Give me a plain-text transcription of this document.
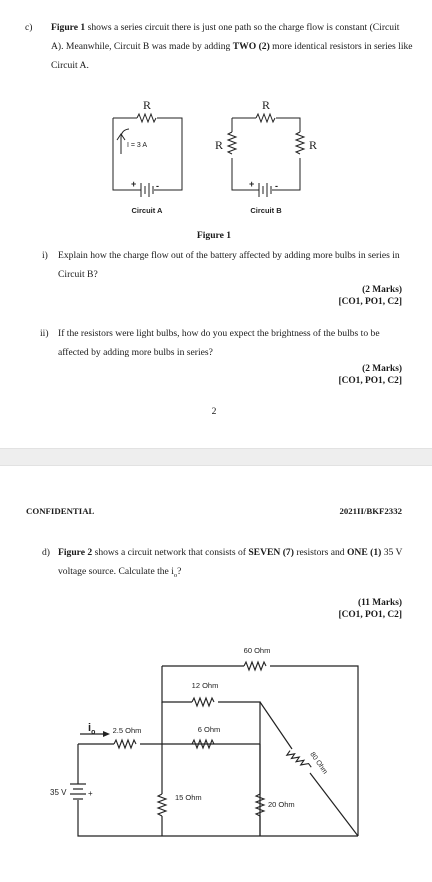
c) Figure 1 shows a series circuit there is just one path so the charge flow is constant (Circuit A). Meanwhile, Circuit B was made by adding TWO (2) more identical resistors in series like Circuit A.
R
I = 3 A
+ -
Circuit A
R
R	R
+ -
Circuit B
Figure 1
i) Explain how the charge flow out of the battery affected by adding more bulbs in series in Circuit B?
(2 Marks)
[CO1, PO1, C2]
ii) If the resistors were light bulbs, how do you expect the brightness of the bulbs to be affected by adding more bulbs in series?
(2 Marks)
[CO1, PO1, C2]
2
CONFIDENTIAL	2021II/BKF2332
d) Figure 2 shows a circuit network that consists of SEVEN (7) resistors and ONE (1) 35 V voltage source. Calculate the $i_o$?
(11 Marks)
[CO1, PO1, C2]
60 Ohm
12 Ohm
6 Ohm
2.5 Ohm
15 Ohm
20 Ohm
80 Ohm
$i_o$
35 V	+
